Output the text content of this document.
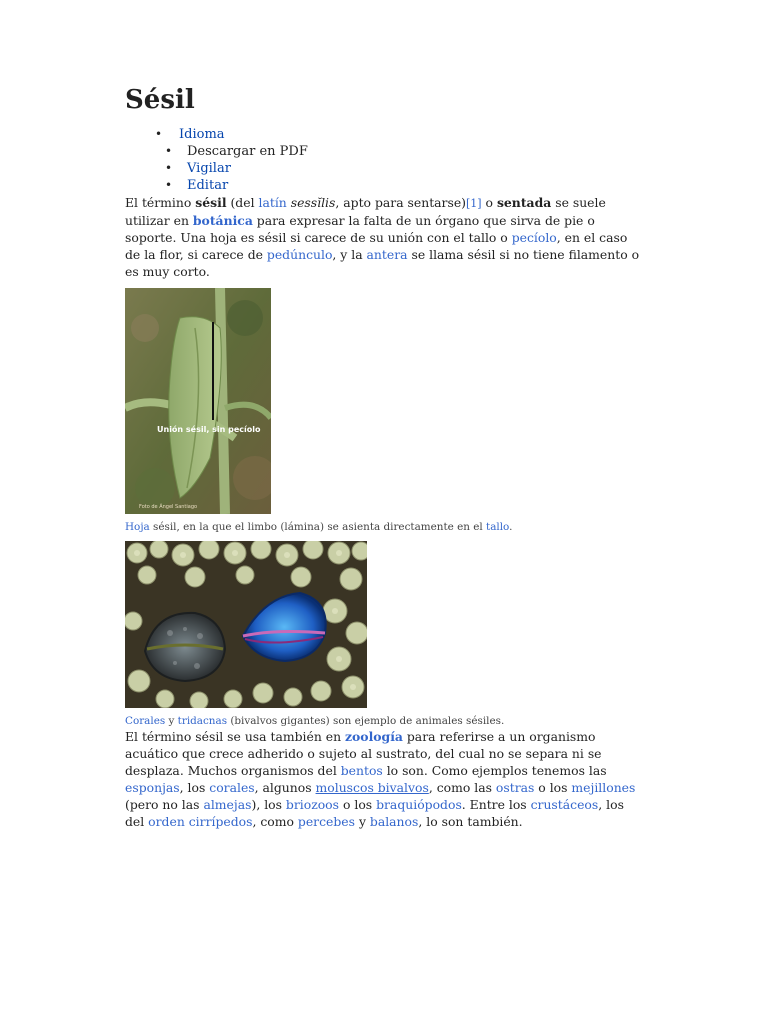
Sésil
• Idioma
• Descargar en PDF
• Vigilar
• Editar

El término sésil (del latín sessĭlis, apto para sentarse)[1] o sentada se suele utilizar en botánica para expresar la falta de un órgano que sirva de pie o soporte. Una hoja es sésil si carece de su unión con el tallo o pecíolo, en el caso de la flor, si carece de pedúnculo, y la antera se llama sésil si no tiene filamento o es muy corto.

Unión sésil, sin pecíolo
Foto de Ángel Santiago
Hoja sésil, en la que el limbo (lámina) se asienta directamente en el tallo.
Corales y tridacnas (bivalvos gigantes) son ejemplo de animales sésiles.

El término sésil se usa también en zoología para referirse a un organismo acuático que crece adherido o sujeto al sustrato, del cual no se separa ni se desplaza. Muchos organismos del bentos lo son. Como ejemplos tenemos las esponjas, los corales, algunos moluscos bivalvos, como las ostras o los mejillones (pero no las almejas), los briozoos o los braquiópodos. Entre los crustáceos, los del orden cirrípedos, como percebes y balanos, lo son también.
